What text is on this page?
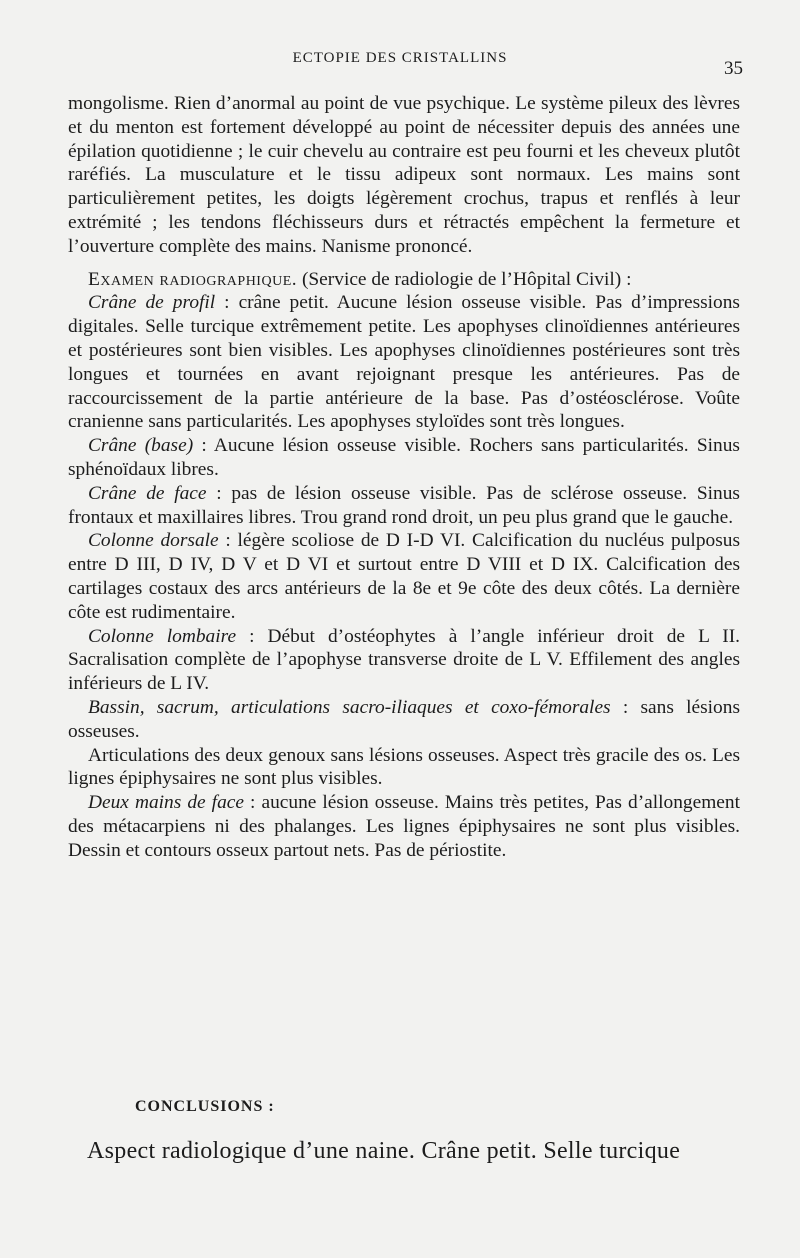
ECTOPIE DES CRISTALLINS	35

mongolisme. Rien d’anormal au point de vue psychique. Le système pileux des lèvres et du menton est fortement développé au point de nécessiter depuis des années une épilation quotidienne ; le cuir chevelu au contraire est peu fourni et les cheveux plutôt raréfiés. La musculature et le tissu adipeux sont normaux. Les mains sont particulièrement petites, les doigts légèrement crochus, trapus et renflés à leur extrémité ; les tendons fléchisseurs durs et rétractés empêchent la fermeture et l’ouverture complète des mains. Nanisme prononcé.

Examen radiographique. (Service de radiologie de l’Hôpital Civil) :

Crâne de profil : crâne petit. Aucune lésion osseuse visible. Pas d’impressions digitales. Selle turcique extrêmement petite. Les apophyses clinoïdiennes antérieures et postérieures sont bien visibles. Les apophyses clinoïdiennes postérieures sont très longues et tournées en avant rejoignant presque les antérieures. Pas de raccourcissement de la partie antérieure de la base. Pas d’ostéosclérose. Voûte cranienne sans particularités. Les apophyses styloïdes sont très longues.

Crâne (base) : Aucune lésion osseuse visible. Rochers sans particularités. Sinus sphénoïdaux libres.

Crâne de face : pas de lésion osseuse visible. Pas de sclérose osseuse. Sinus frontaux et maxillaires libres. Trou grand rond droit, un peu plus grand que le gauche.

Colonne dorsale : légère scoliose de D I-D VI. Calcification du nucléus pulposus entre D III, D IV, D V et D VI et surtout entre D VIII et D IX. Calcification des cartilages costaux des arcs antérieurs de la 8e et 9e côte des deux côtés. La dernière côte est rudimentaire.

Colonne lombaire : Début d’ostéophytes à l’angle inférieur droit de L II. Sacralisation complète de l’apophyse transverse droite de L V. Effilement des angles inférieurs de L IV.

Bassin, sacrum, articulations sacro-iliaques et coxo-fémorales : sans lésions osseuses.

Articulations des deux genoux sans lésions osseuses. Aspect très gracile des os. Les lignes épiphysaires ne sont plus visibles.

Deux mains de face : aucune lésion osseuse. Mains très petites, Pas d’allongement des métacarpiens ni des phalanges. Les lignes épiphysaires ne sont plus visibles. Dessin et contours osseux partout nets. Pas de périostite.

CONCLUSIONS :
Aspect radiologique d’une naine. Crâne petit. Selle turcique
